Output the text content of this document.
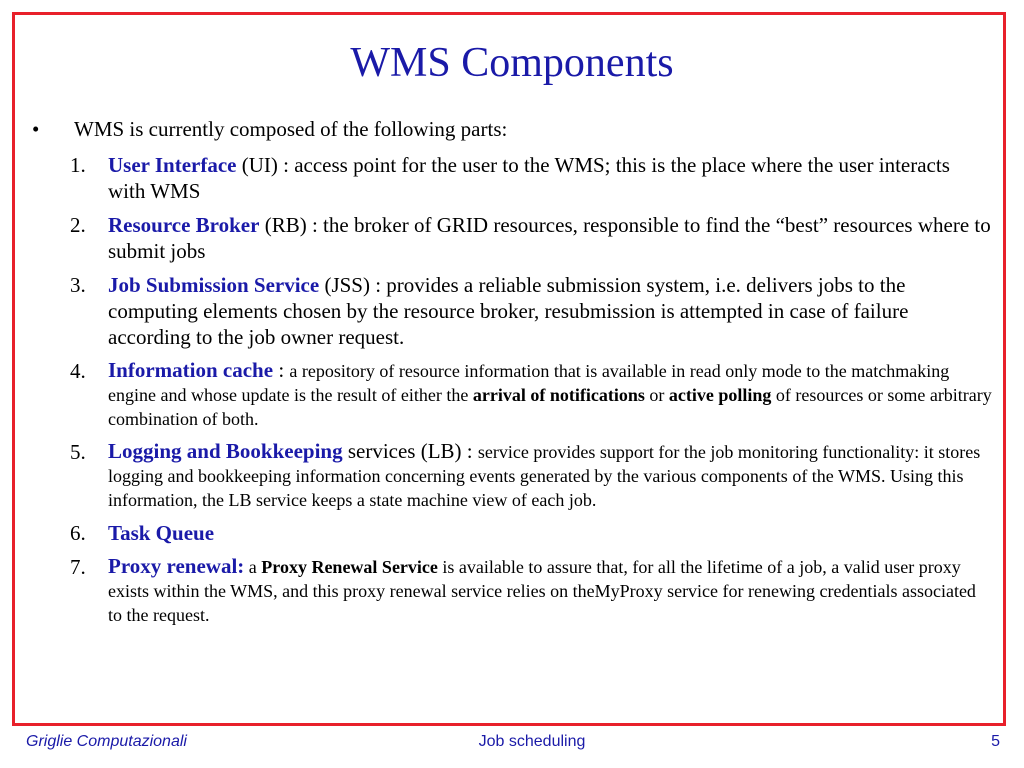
WMS Components
•	WMS is currently composed of the following parts:
1.	User Interface (UI) : access point for the user to the WMS; this is the place where the user interacts with WMS
2.	Resource Broker (RB) : the broker of GRID resources, responsible to find the “best” resources where to submit jobs
3.	Job Submission Service (JSS) : provides a reliable submission system, i.e. delivers jobs to the computing elements chosen by the resource broker, resubmission is attempted in case of failure according to the job owner request.
4.	Information cache : a repository of resource information that is available in read only mode to the matchmaking engine and whose update is the result of either the arrival of notifications or active polling of resources or some arbitrary combination of both.
5.	Logging and Bookkeeping services (LB) : service provides support for the job monitoring functionality: it stores logging and bookkeeping information concerning events generated by the various components of the WMS. Using this information, the LB service keeps a state machine view of each job.
6.	Task Queue
7.	Proxy renewal: a Proxy Renewal Service is available to assure that, for all the lifetime of a job, a valid user proxy exists within the WMS, and this proxy renewal service relies on theMyProxy service for renewing credentials associated to the request.
Griglie Computazionali	Job scheduling	5
